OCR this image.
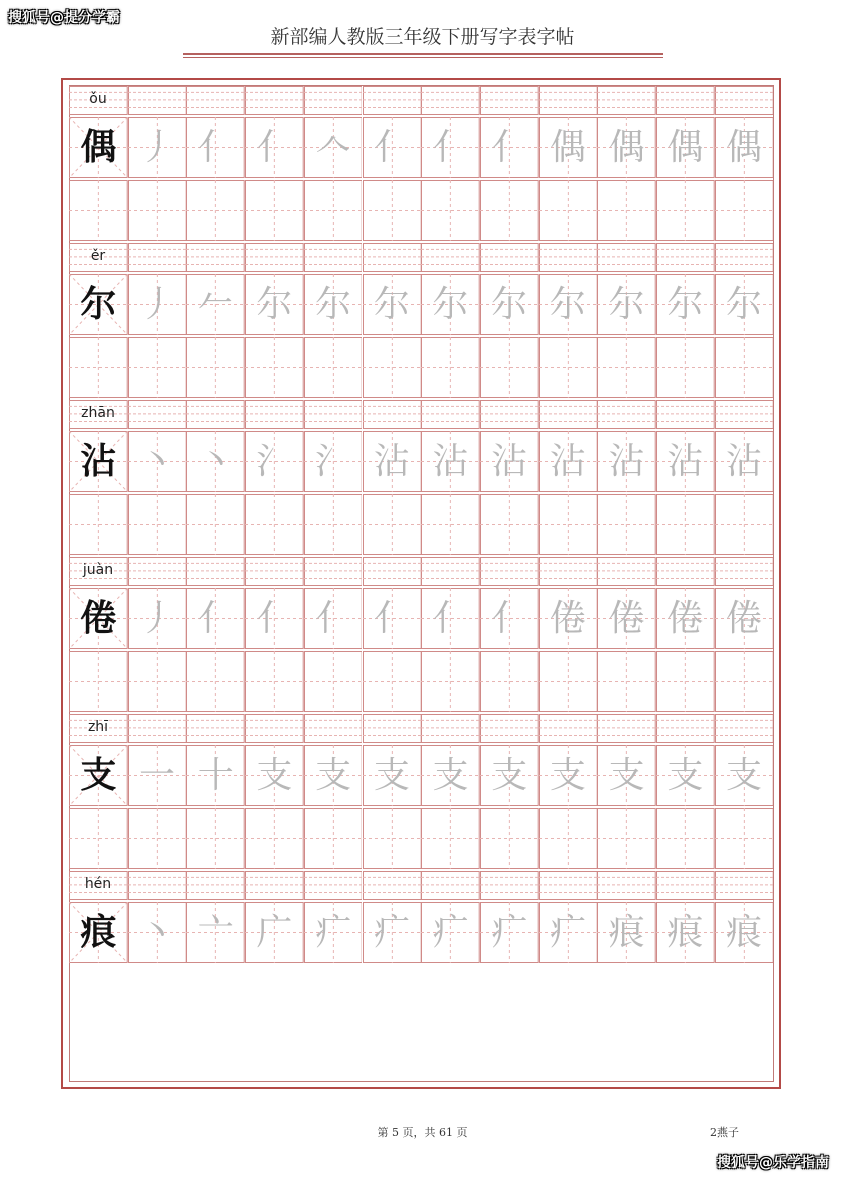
搜狐号@提分学霸
新部编人教版三年级下册写字表字帖
ǒu
偶 丿 亻 亻 𠆢 亻 亻 亻 偶 偶 偶 偶
ěr
尔 丿 𠂉 尔 尔 尔 尔 尔 尔 尔 尔 尔
zhān
沾 丶 丶 氵 氵 沾 沾 沾 沾 沾 沾 沾
juàn
倦 丿 亻 亻 亻 亻 亻 亻 倦 倦 倦 倦
zhī
支 一 十 支 支 支 支 支 支 支 支 支
hén
痕 丶 亠 广 疒 疒 疒 疒 疒 痕 痕 痕
第 5 页，共 61 页	2燕子
搜狐号@乐学指南
